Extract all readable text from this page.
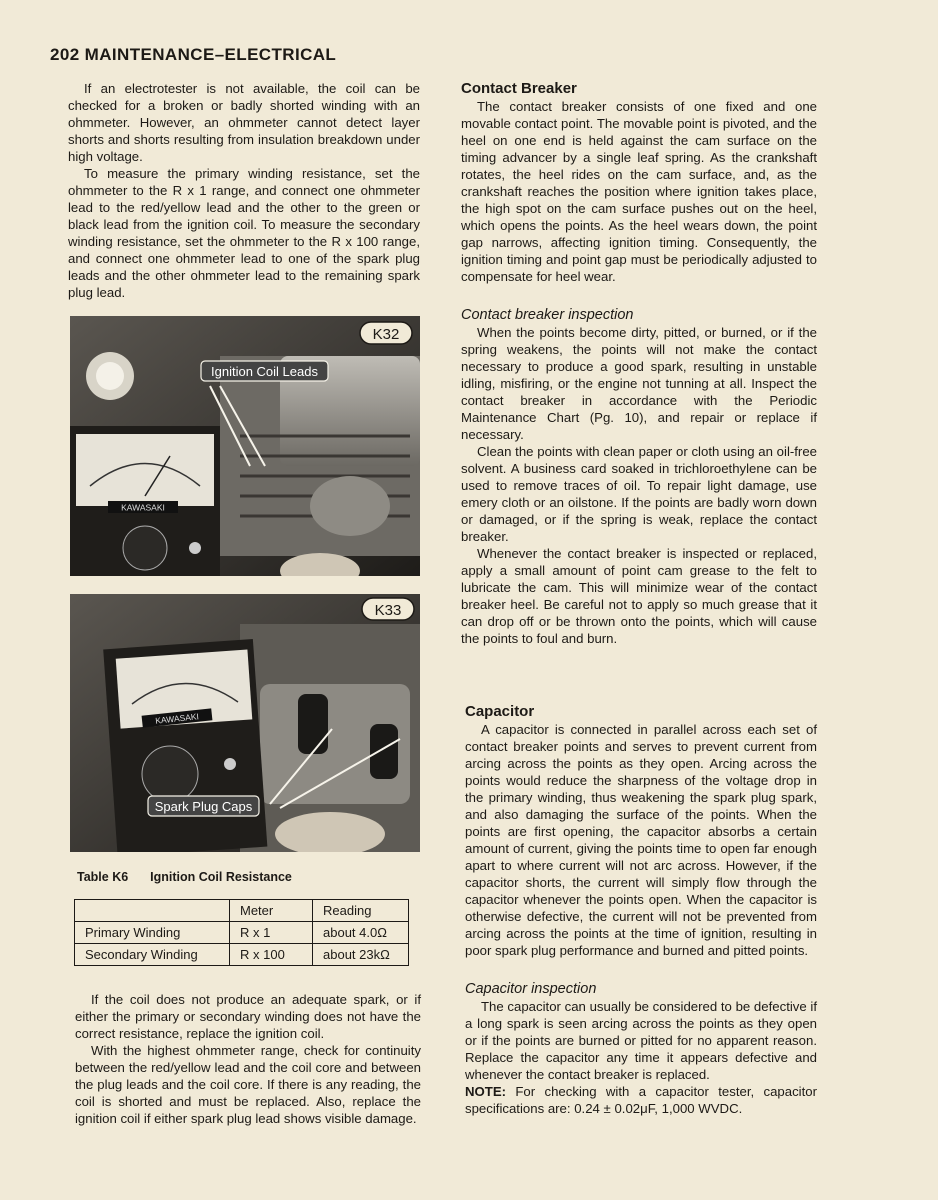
202 MAINTENANCE–ELECTRICAL

If an electrotester is not available, the coil can be checked for a broken or badly shorted winding with an ohmmeter. However, an ohmmeter cannot detect layer shorts and shorts resulting from insulation breakdown under high voltage.

To measure the primary winding resistance, set the ohmmeter to the R x 1 range, and connect one ohmmeter lead to the red/yellow lead and the other to the green or black lead from the ignition coil. To measure the secondary winding resistance, set the ohmmeter to the R x 100 range, and connect one ohmmeter lead to one of the spark plug leads and the other ohmmeter lead to the remaining spark plug lead.

KAWASAKI
Ignition Coil Leads
K32
KAWASAKI
Spark Plug Caps
K33
Table K6 Ignition Coil Resistance
	Meter	Reading
Primary Winding	R x 1	about 4.0Ω
Secondary Winding	R x 100	about 23kΩ

If the coil does not produce an adequate spark, or if either the primary or secondary winding does not have the correct resistance, replace the ignition coil.

With the highest ohmmeter range, check for continuity between the red/yellow lead and the coil core and between the plug leads and the coil core. If there is any reading, the coil is shorted and must be replaced. Also, replace the ignition coil if either spark plug lead shows visible damage.

Contact Breaker

The contact breaker consists of one fixed and one movable contact point. The movable point is pivoted, and the heel on one end is held against the cam surface on the timing advancer by a single leaf spring. As the crankshaft rotates, the heel rides on the cam surface, and, as the crankshaft reaches the position where ignition takes place, the high spot on the cam surface pushes out on the heel, which opens the points. As the heel wears down, the point gap narrows, affecting ignition timing. Consequently, the ignition timing and point gap must be periodically adjusted to compensate for heel wear.

Contact breaker inspection

When the points become dirty, pitted, or burned, or if the spring weakens, the points will not make the contact necessary to produce a good spark, resulting in unstable idling, misfiring, or the engine not tunning at all. Inspect the contact breaker in accordance with the Periodic Maintenance Chart (Pg. 10), and repair or replace if necessary.

Clean the points with clean paper or cloth using an oil-free solvent. A business card soaked in trichloroethylene can be used to remove traces of oil. To repair light damage, use emery cloth or an oilstone. If the points are badly worn down or damaged, or if the spring is weak, replace the contact breaker.

Whenever the contact breaker is inspected or replaced, apply a small amount of point cam grease to the felt to lubricate the cam. This will minimize wear of the contact breaker heel. Be careful not to apply so much grease that it can drop off or be thrown onto the points, which will cause the points to foul and burn.

Capacitor

A capacitor is connected in parallel across each set of contact breaker points and serves to prevent current from arcing across the points as they open. Arcing across the points would reduce the sharpness of the voltage drop in the primary winding, thus weakening the spark plug spark, and also damaging the surface of the points. When the points are first opening, the capacitor absorbs a certain amount of current, giving the points time to open far enough apart to where current will not arc across. However, if the capacitor shorts, the current will simply flow through the capacitor whenever the points open. When the capacitor is otherwise defective, the current will not be prevented from arcing across the points at the time of ignition, resulting in poor spark plug performance and burned and pitted points.

Capacitor inspection

The capacitor can usually be considered to be defective if a long spark is seen arcing across the points as they open or if the points are burned or pitted for no apparent reason. Replace the capacitor any time it appears defective and whenever the contact breaker is replaced.

NOTE: For checking with a capacitor tester, capacitor specifications are: 0.24 ± 0.02μF, 1,000 WVDC.
